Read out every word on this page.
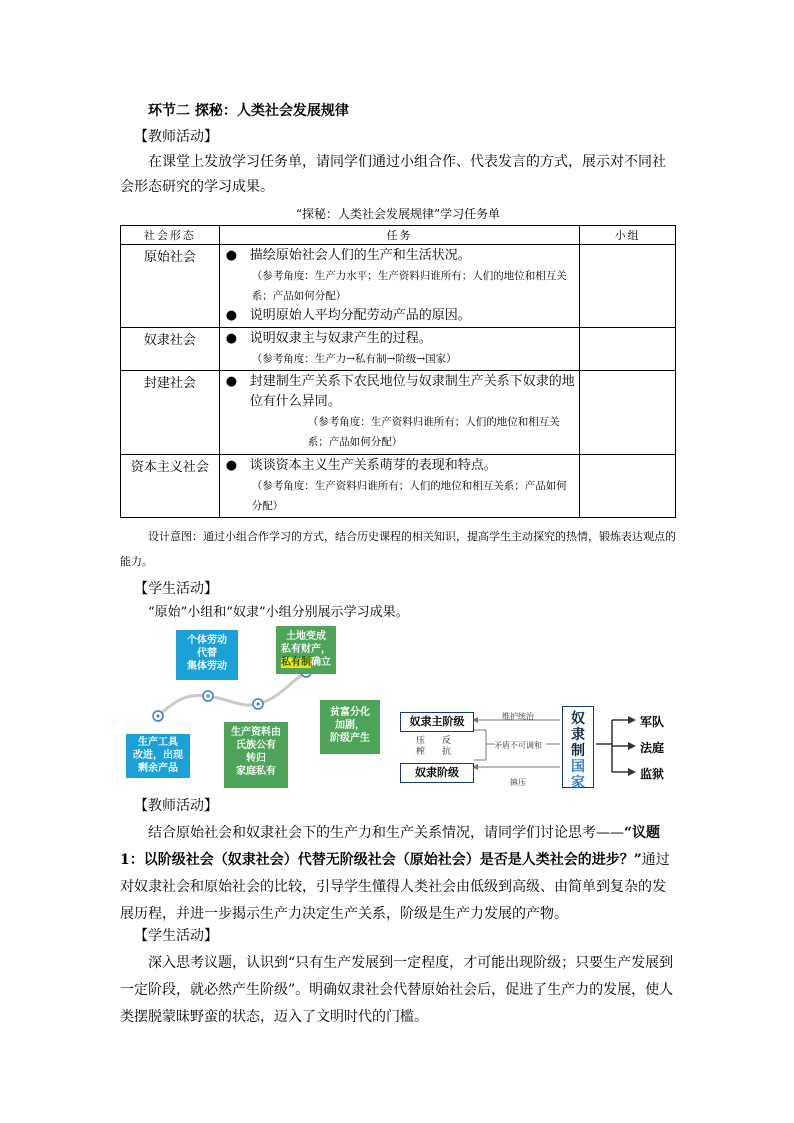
环节二 探秘：人类社会发展规律
【教师活动】
在课堂上发放学习任务单，请同学们通过小组合作、代表发言的方式，展示对不同社会形态研究的学习成果。
“探秘：人类社会发展规律”学习任务单
社会形态	任务	小组
原始社会	● 描绘原始社会人们的生产和生活状况。
（参考角度：生产力水平；生产资料归谁所有；人们的地位和相互关系；产品如何分配）
● 说明原始人平均分配劳动产品的原因。	

奴隶社会	● 说明奴隶主与奴隶产生的过程。
（参考角度：生产力→私有制→阶级→国家）	

封建社会	● 封建制生产关系下农民地位与奴隶制生产关系下奴隶的地位有什么异同。
（参考角度：生产资料归谁所有；人们的地位和相互关系；产品如何分配）	

资本主义社会	● 谈谈资本主义生产关系萌芽的表现和特点。
（参考角度：生产资料归谁所有；人们的地位和相互关系；产品如何分配）	

设计意图：通过小组合作学习的方式，结合历史课程的相关知识，提高学生主动探究的热情，锻炼表达观点的能力。
【学生活动】
“原始”小组和“奴隶”小组分别展示学习成果。
生产工具
改进，出现
剩余产品
个体劳动
代替
集体劳动
生产资料由
氏族公有
转归
家庭私有
土地变成
私有财产，
私有制确立
贫富分化
加剧，
阶级产生
奴隶主阶级
奴隶阶级
维护统治
镇压
压榨
反抗
矛盾不可调和
奴
隶
制
国
家
军队
法庭
监狱
【教师活动】
结合原始社会和奴隶社会下的生产力和生产关系情况，请同学们讨论思考——“议题1：以阶级社会（奴隶社会）代替无阶级社会（原始社会）是否是人类社会的进步？”通过对奴隶社会和原始社会的比较，引导学生懂得人类社会由低级到高级、由简单到复杂的发展历程，并进一步揭示生产力决定生产关系，阶级是生产力发展的产物。
【学生活动】
深入思考议题，认识到“只有生产发展到一定程度，才可能出现阶级；只要生产发展到一定阶段，就必然产生阶级”。明确奴隶社会代替原始社会后，促进了生产力的发展，使人类摆脱蒙昧野蛮的状态，迈入了文明时代的门槛。
